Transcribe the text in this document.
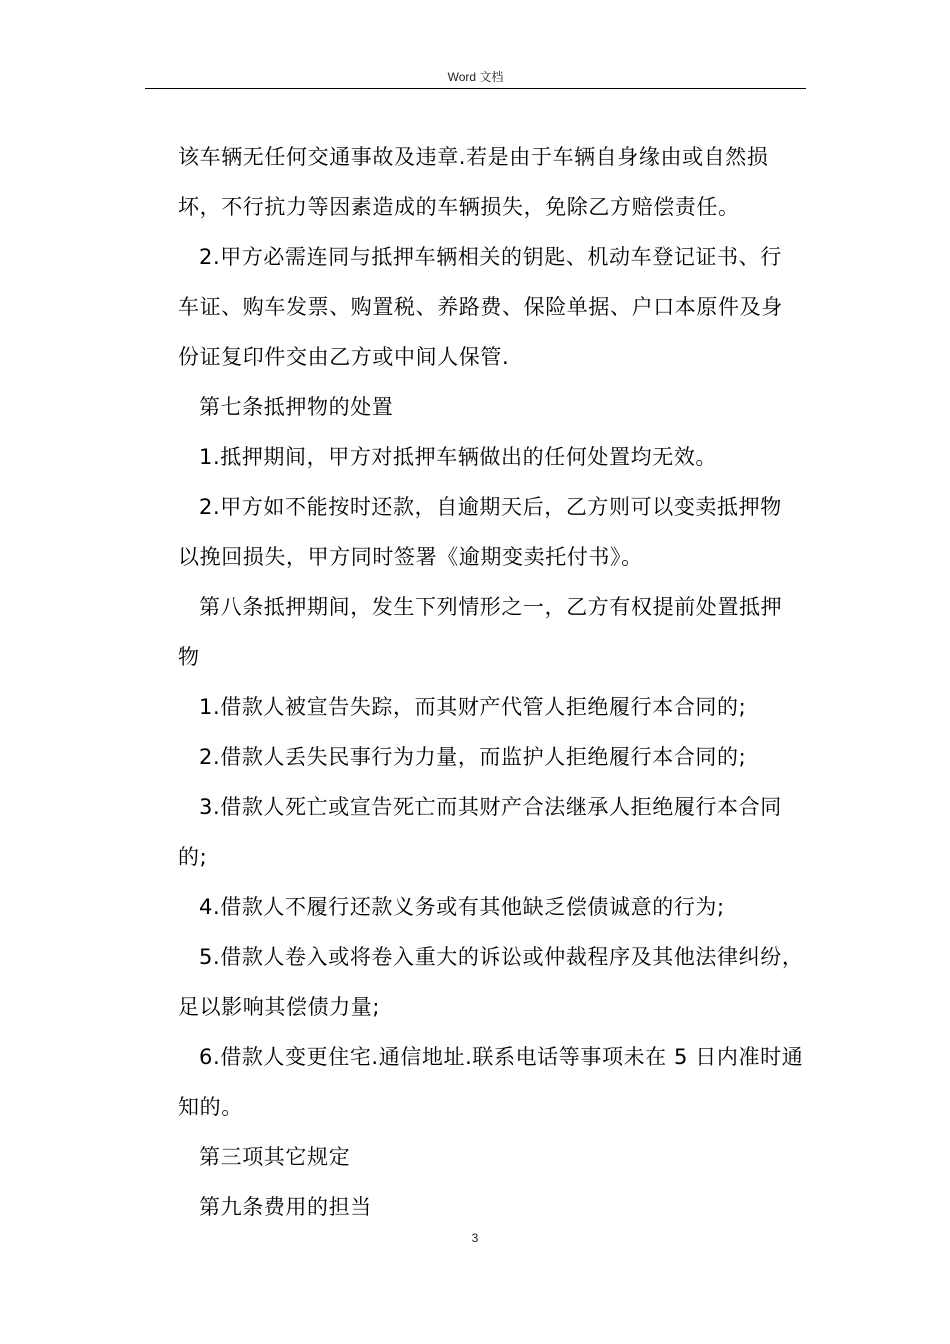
Word 文档

该车辆无任何交通事故及违章.若是由于车辆自身缘由或自然损

坏，不行抗力等因素造成的车辆损失，免除乙方赔偿责任。

2.甲方必需连同与抵押车辆相关的钥匙、机动车登记证书、行

车证、购车发票、购置税、养路费、保险单据、户口本原件及身

份证复印件交由乙方或中间人保管.

第七条抵押物的处置

1.抵押期间，甲方对抵押车辆做出的任何处置均无效。

2.甲方如不能按时还款，自逾期天后，乙方则可以变卖抵押物

以挽回损失，甲方同时签署《逾期变卖托付书》。

第八条抵押期间，发生下列情形之一，乙方有权提前处置抵押

物

1.借款人被宣告失踪，而其财产代管人拒绝履行本合同的;

2.借款人丢失民事行为力量，而监护人拒绝履行本合同的;

3.借款人死亡或宣告死亡而其财产合法继承人拒绝履行本合同

的;

4.借款人不履行还款义务或有其他缺乏偿债诚意的行为;

5.借款人卷入或将卷入重大的诉讼或仲裁程序及其他法律纠纷，

足以影响其偿债力量;

6.借款人变更住宅.通信地址.联系电话等事项未在 5 日内准时通

知的。

第三项其它规定

第九条费用的担当

3
